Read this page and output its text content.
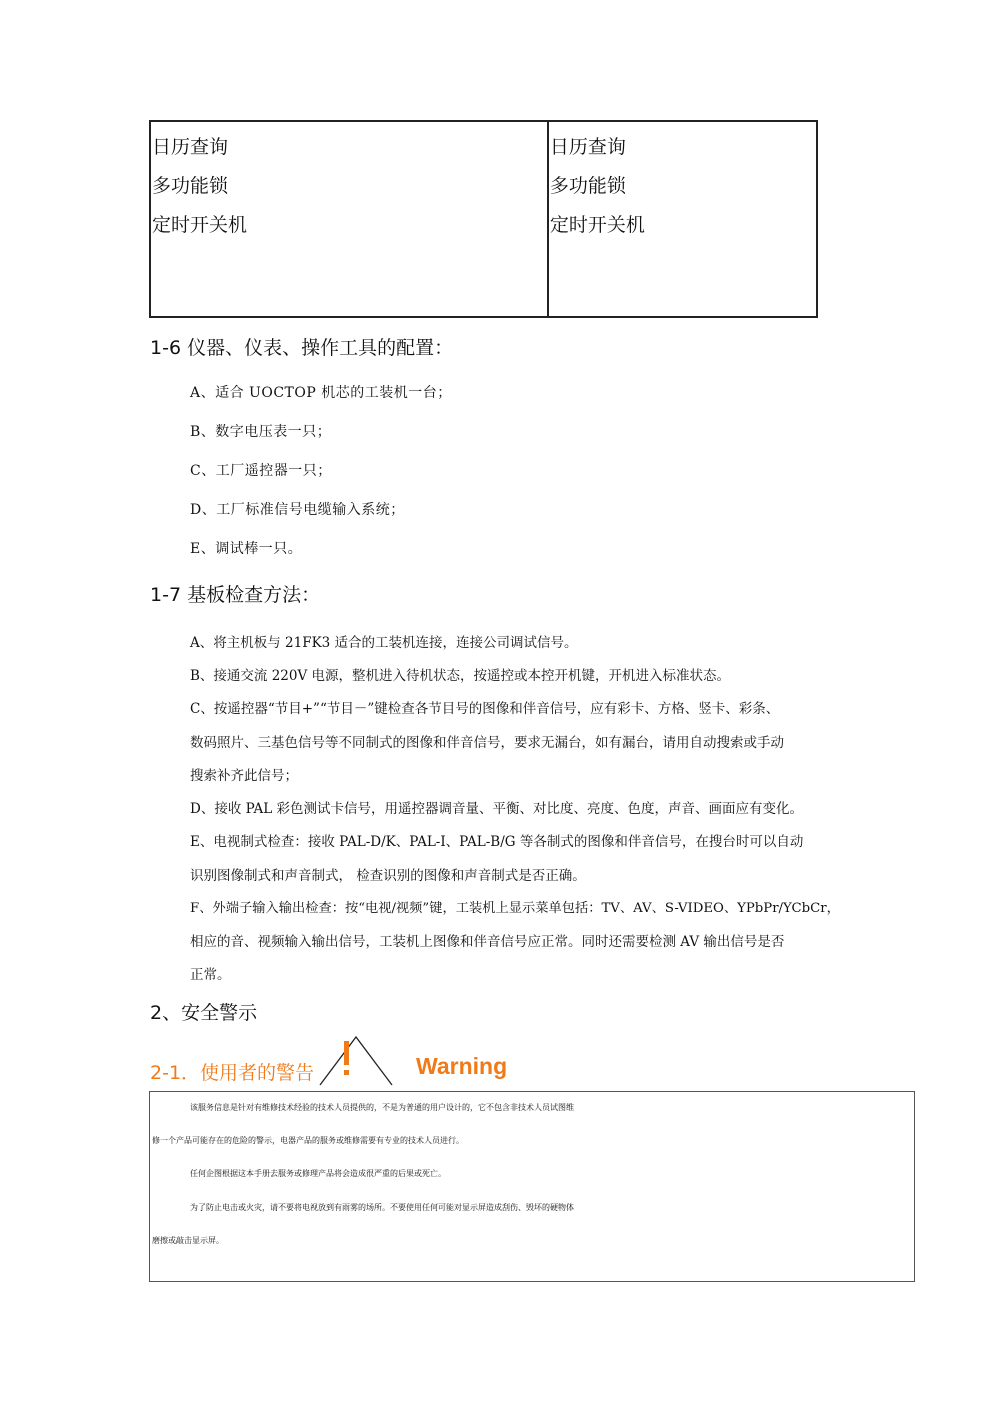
日历查询
多功能锁
定时开关机
日历查询
多功能锁
定时开关机
1-6 仪器、仪表、操作工具的配置：
A、适合 UOCTOP 机芯的工装机一台；
B、数字电压表一只；
C、工厂遥控器一只；
D、工厂标准信号电缆输入系统；
E、调试棒一只。
1-7 基板检查方法：
A、将主机板与 21FK3 适合的工装机连接，连接公司调试信号。
B、接通交流 220V 电源，整机进入待机状态，按遥控或本控开机键，开机进入标准状态。
C、按遥控器“节目+”“节目－”键检查各节目号的图像和伴音信号，应有彩卡、方格、竖卡、彩条、
数码照片、三基色信号等不同制式的图像和伴音信号，要求无漏台，如有漏台，请用自动搜索或手动
搜索补齐此信号；
D、接收 PAL 彩色测试卡信号，用遥控器调音量、平衡、对比度、亮度、色度，声音、画面应有变化。
E、电视制式检查：接收 PAL-D/K、PAL-I、PAL-B/G 等各制式的图像和伴音信号，在搜台时可以自动
识别图像制式和声音制式， 检查识别的图像和声音制式是否正确。
F、外端子输入输出检查：按“电视/视频”键，工装机上显示菜单包括：TV、AV、S-VIDEO、YPbPr/YCbCr，
相应的音、视频输入输出信号，工装机上图像和伴音信号应正常。同时还需要检测 AV 输出信号是否
正常。
2、安全警示
2-1．使用者的警告	Warning
该服务信息是针对有维修技术经验的技术人员提供的，不是为普通的用户设计的，它不包含非技术人员试图维
修一个产品可能存在的危险的警示，电器产品的服务或维修需要有专业的技术人员进行。
任何企图根据这本手册去服务或修理产品将会造成很严重的后果或死亡。
为了防止电击或火灾，请不要将电视放到有雨雾的场所。不要使用任何可能对显示屏造成刮伤、毁坏的硬物体
磨擦或敲击显示屏。
